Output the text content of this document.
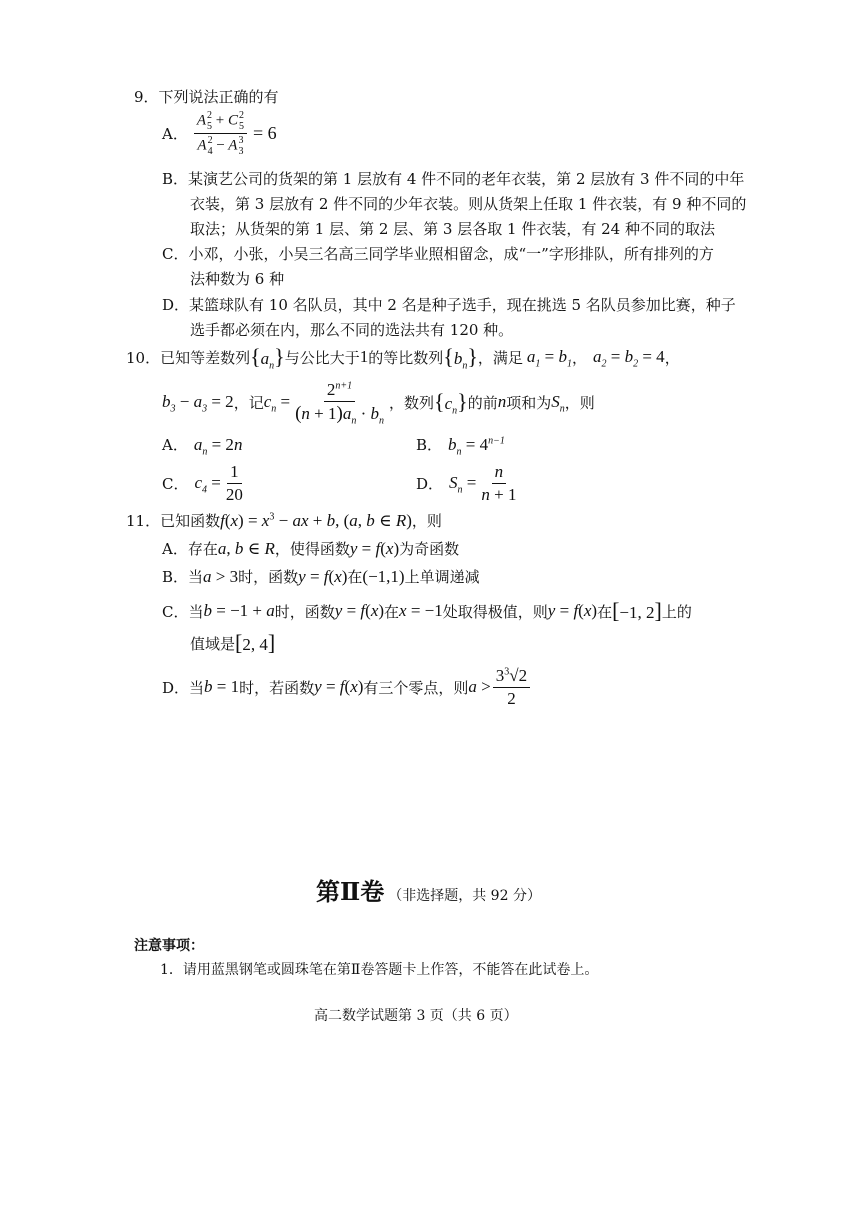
9．下列说法正确的有
A． A 2
5 + C 2
5
A 2
4 − A 3
3 = 6
B．某演艺公司的货架的第 1 层放有 4 件不同的老年衣装，第 2 层放有 3 件不同的中年
衣装，第 3 层放有 2 件不同的少年衣装。则从货架上任取 1 件衣装，有 9 种不同的
取法；从货架的第 1 层、第 2 层、第 3 层各取 1 件衣装，有 24 种不同的取法
C．小邓，小张，小吴三名高三同学毕业照相留念，成“一”字形排队，所有排列的方
法种数为 6 种
D．某篮球队有 10 名队员，其中 2 名是种子选手，现在挑选 5 名队员参加比赛，种子
选手都必须在内，那么不同的选法共有 120 种。
10．已知等差数列 $\{a_n\}$ 与公比大于 1 的等比数列 $\{b_n\}$ ，满足 $a_1 = b_1$ ， $a_2 = b_2 = 4$ ，
$b_3 - a_3 = 2$ ，记 $c_n = \frac{2^{n+1}}{(n + 1)a_n \cdot b_n}$ ，数列 $\{c_n\}$ 的前 n 项和为 $S_n$ ，则
A． $a_n = 2n$	B． $b_n = 4^{n-1}$
C． $c_4 = \frac{1}{20}$	D． $S_n = \frac{n}{n + 1}$
11．已知函数 $f(x) = x^3$ − ax + b, (a, b ∈ R) ，则
A．存在 a, b ∈ R ，使得函数 y = f(x) 为奇函数
B．当 a > 3 时，函数 y = f(x) 在 (−1,1) 上单调递减
C．当 b = −1 + a 时，函数 y = f(x) 在 x = −1 处取得极值，则 y = f(x) 在 [−1, 2] 上的
值域是 [2, 4]
D．当 b = 1 时，若函数 y = f(x) 有三个零点，则 $a > \frac{3^3√2}{2}$
第Ⅱ卷 （非选择题，共 92 分）
注意事项：
1．请用蓝黑钢笔或圆珠笔在第Ⅱ卷答题卡上作答，不能答在此试卷上。
高二数学试题第 3 页（共 6 页）
